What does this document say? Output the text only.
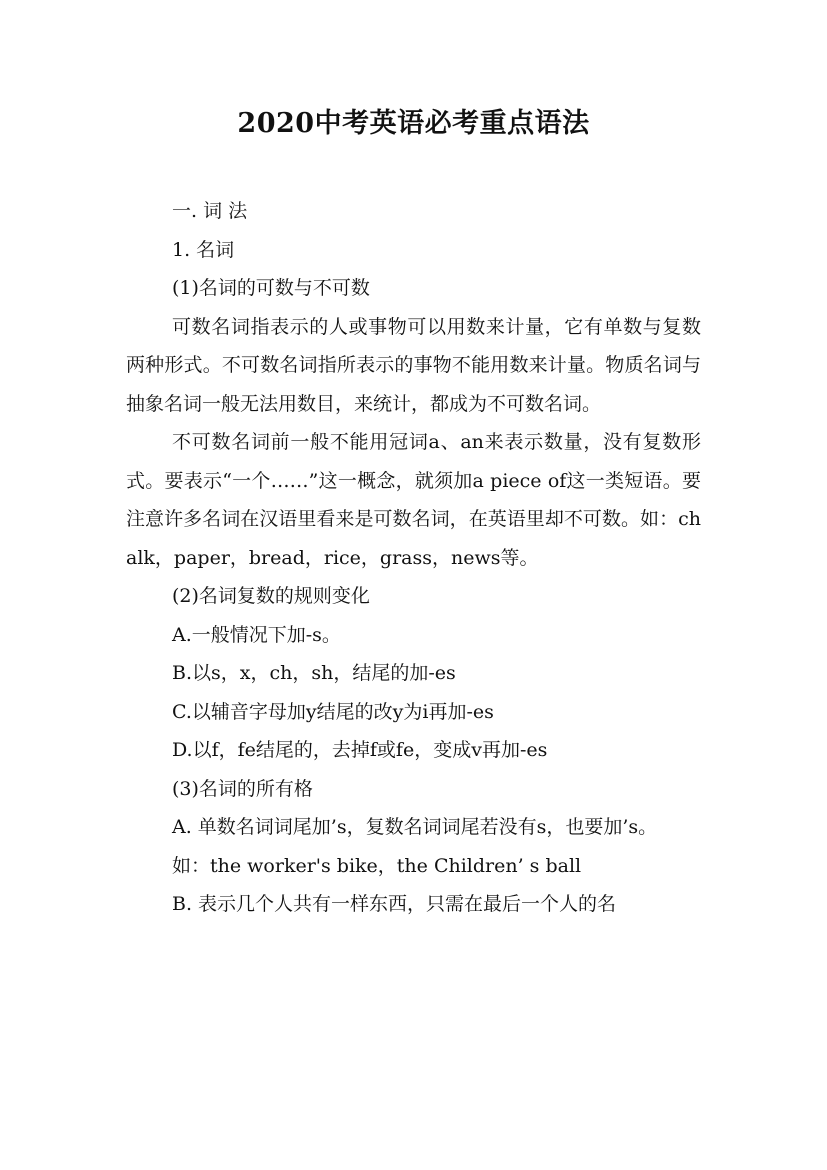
2020中考英语必考重点语法

一. 词 法

1. 名词

(1)名词的可数与不可数

可数名词指表示的人或事物可以用数来计量，它有单数与复数两种形式。不可数名词指所表示的事物不能用数来计量。物质名词与抽象名词一般无法用数目，来统计，都成为不可数名词。

不可数名词前一般不能用冠词a、an来表示数量，没有复数形式。要表示“一个……”这一概念，就须加a piece of这一类短语。要注意许多名词在汉语里看来是可数名词，在英语里却不可数。如：chalk，paper，bread，rice，grass，news等。

(2)名词复数的规则变化

A.一般情况下加-s。

B.以s，x，ch，sh，结尾的加-es

C.以辅音字母加y结尾的改y为i再加-es

D.以f，fe结尾的，去掉f或fe，变成v再加-es

(3)名词的所有格

A. 单数名词词尾加’s，复数名词词尾若没有s，也要加’s。

如：the worker's bike，the Children’ s ball

B. 表示几个人共有一样东西，只需在最后一个人的名
